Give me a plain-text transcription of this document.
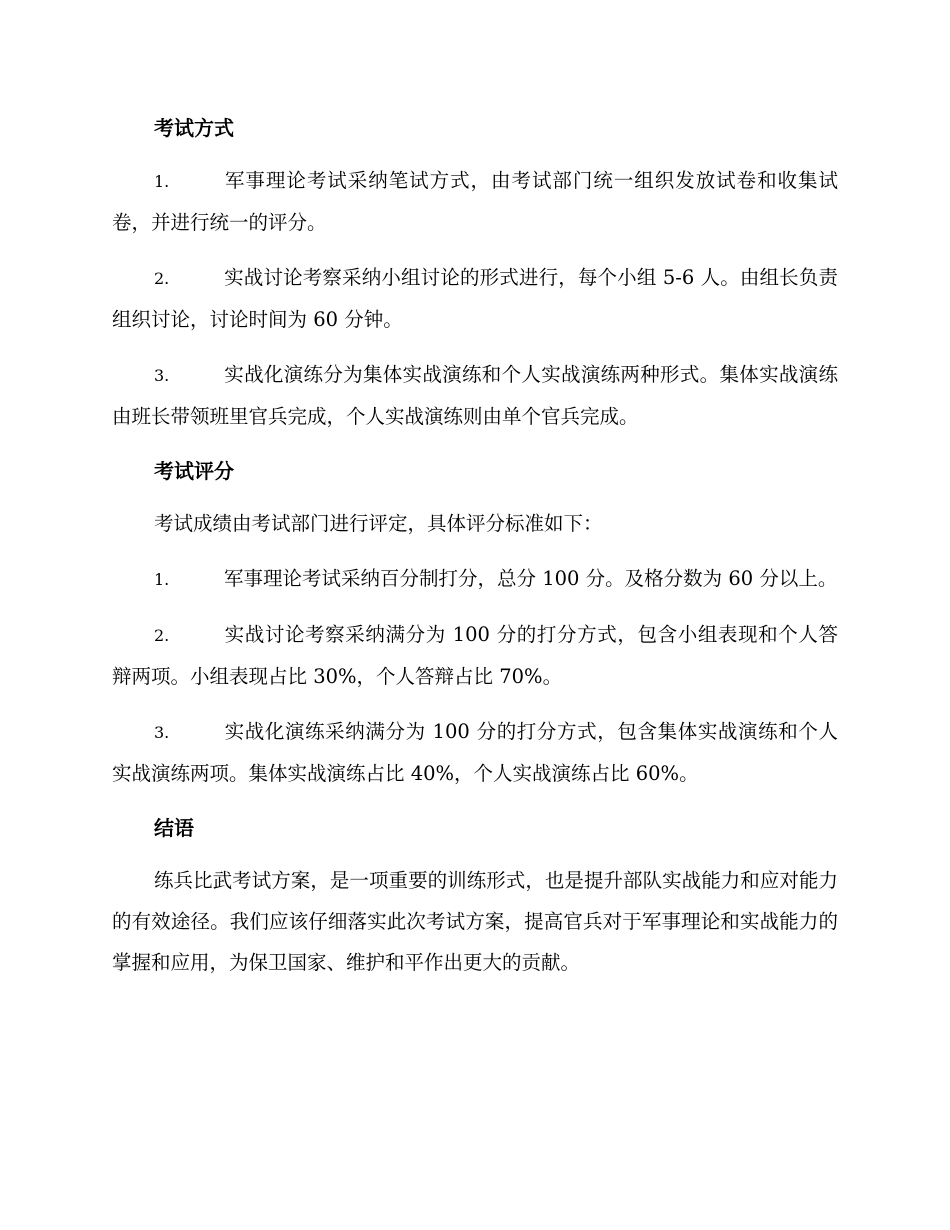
考试方式
1.	军事理论考试采纳笔试方式，由考试部门统一组织发放试卷和收集试卷，并进行统一的评分。
2.	实战讨论考察采纳小组讨论的形式进行，每个小组 5-6 人。由组长负责组织讨论，讨论时间为 60 分钟。
3.	实战化演练分为集体实战演练和个人实战演练两种形式。集体实战演练由班长带领班里官兵完成，个人实战演练则由单个官兵完成。
考试评分
考试成绩由考试部门进行评定，具体评分标准如下：
1.	军事理论考试采纳百分制打分，总分 100 分。及格分数为 60 分以上。
2.	实战讨论考察采纳满分为 100 分的打分方式，包含小组表现和个人答辩两项。小组表现占比 30%，个人答辩占比 70%。
3.	实战化演练采纳满分为 100 分的打分方式，包含集体实战演练和个人实战演练两项。集体实战演练占比 40%，个人实战演练占比 60%。
结语
练兵比武考试方案，是一项重要的训练形式，也是提升部队实战能力和应对能力的有效途径。我们应该仔细落实此次考试方案，提高官兵对于军事理论和实战能力的掌握和应用，为保卫国家、维护和平作出更大的贡献。
